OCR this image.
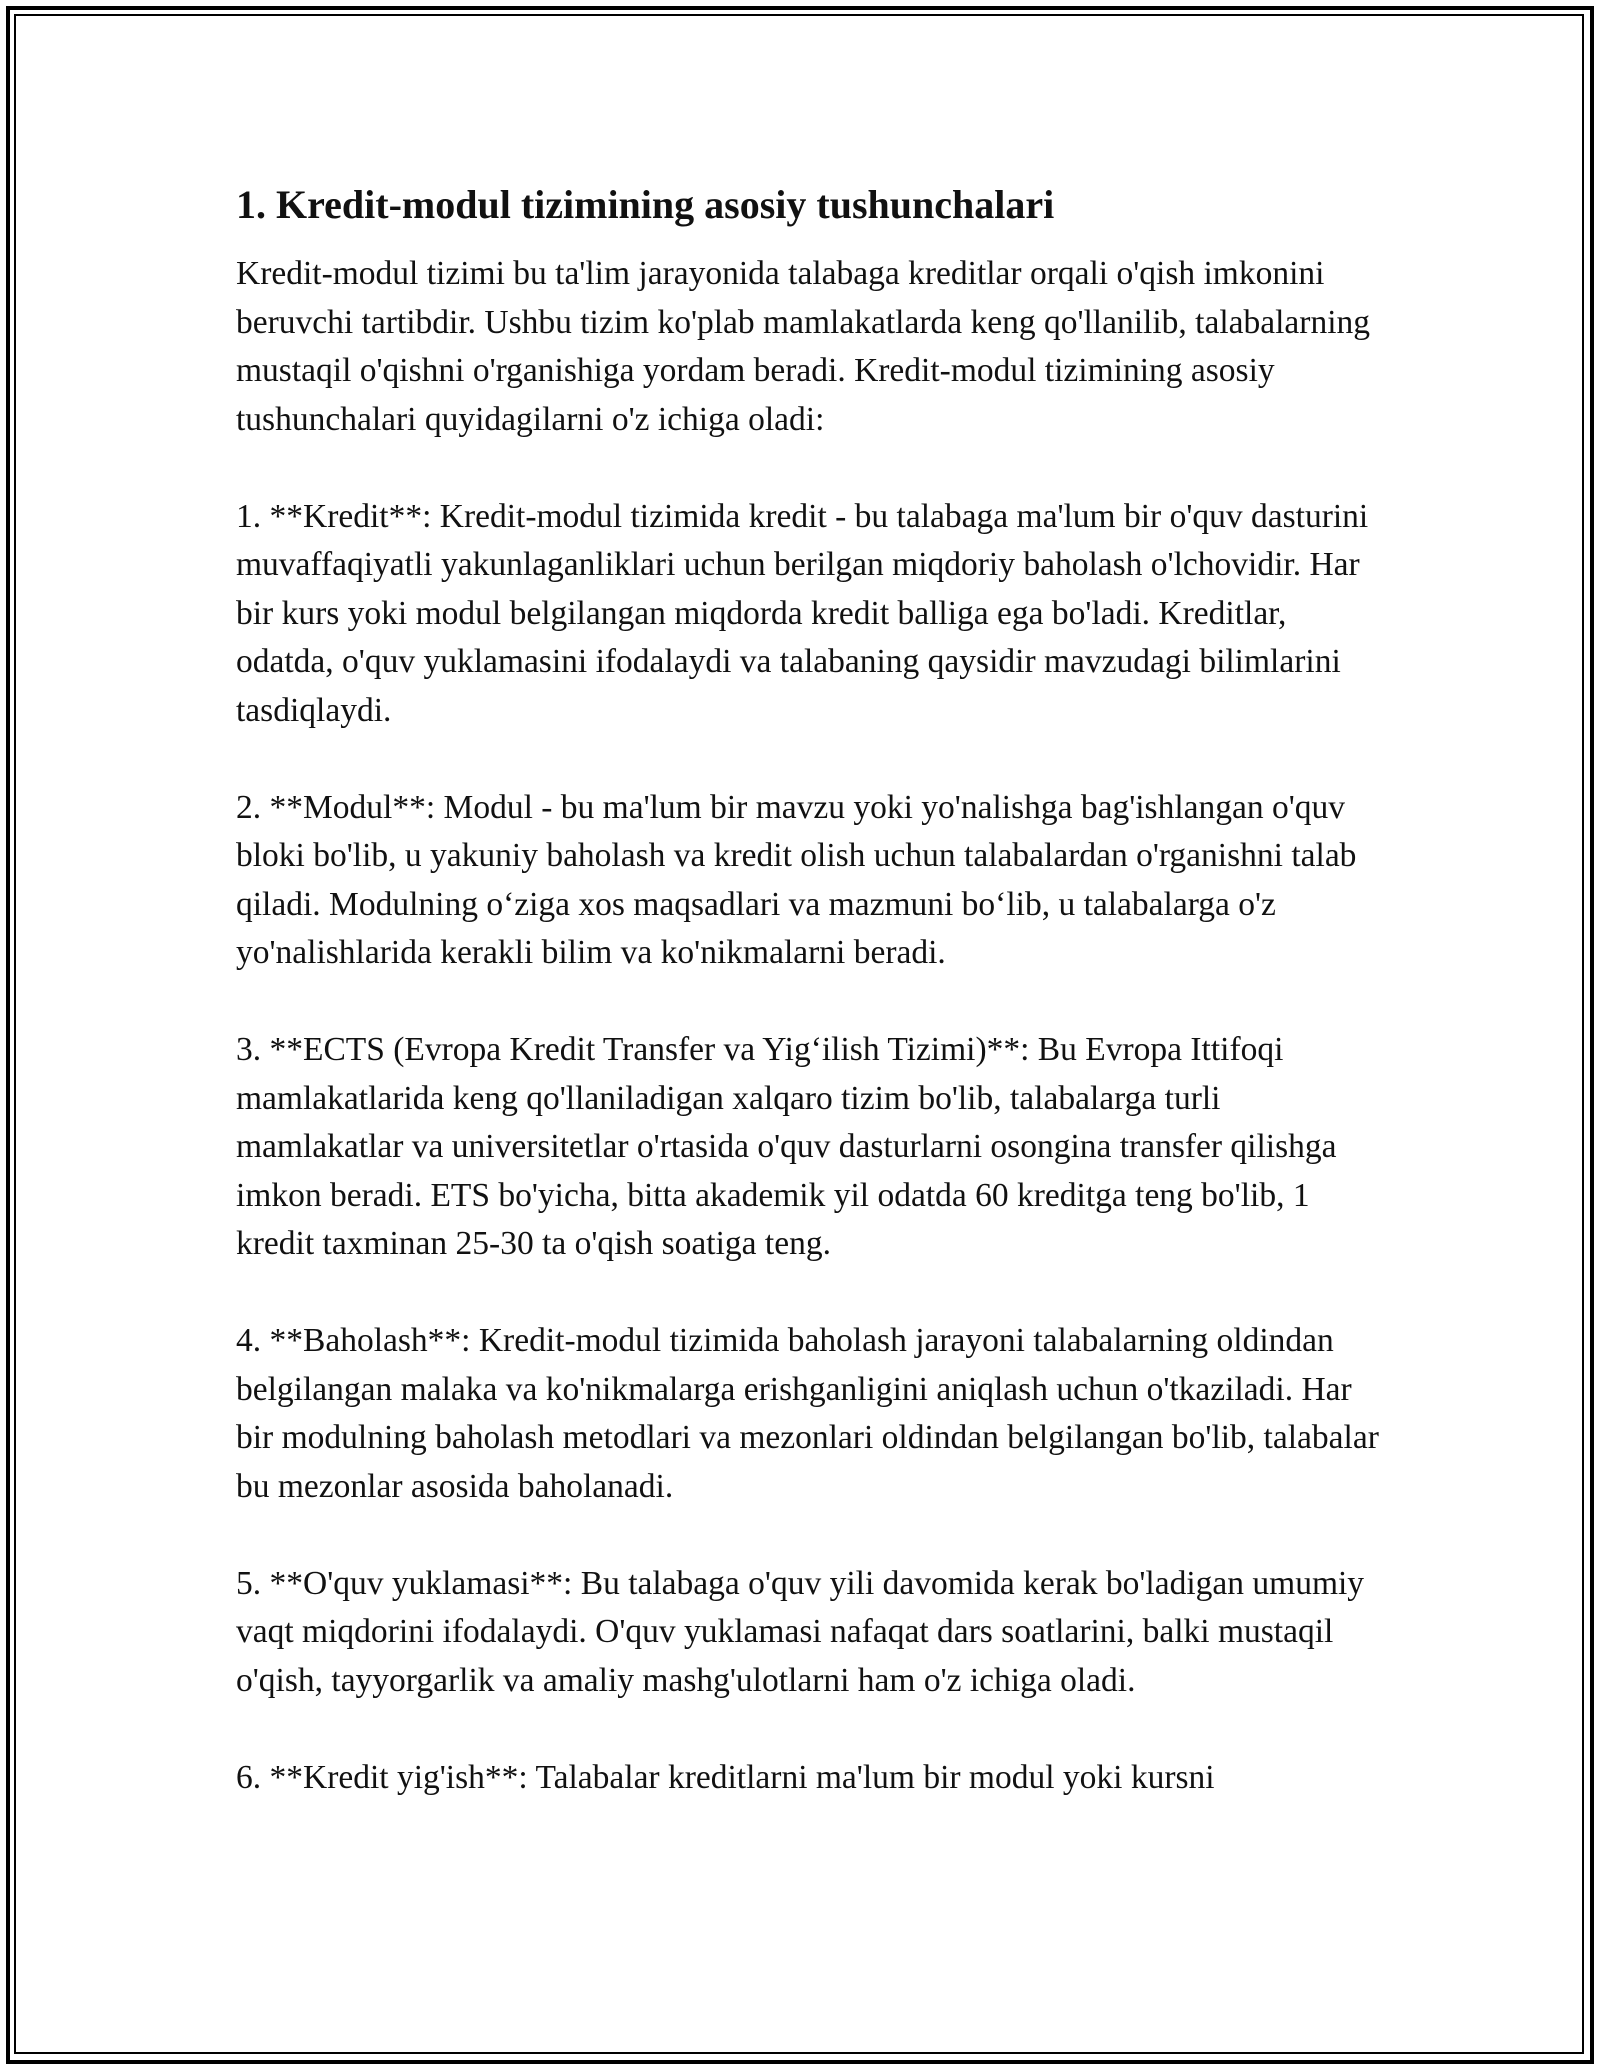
1. Kredit-modul tizimining asosiy tushunchalari

Kredit-modul tizimi bu ta'lim jarayonida talabaga kreditlar orqali o'qish imkonini beruvchi tartibdir. Ushbu tizim ko'plab mamlakatlarda keng qo'llanilib, talabalarning mustaqil o'qishni o'rganishiga yordam beradi. Kredit-modul tizimining asosiy tushunchalari quyidagilarni o'z ichiga oladi:

1. **Kredit**: Kredit-modul tizimida kredit - bu talabaga ma'lum bir o'quv dasturini muvaffaqiyatli yakunlaganliklari uchun berilgan miqdoriy baholash o'lchovidir. Har bir kurs yoki modul belgilangan miqdorda kredit balliga ega bo'ladi. Kreditlar, odatda, o'quv yuklamasini ifodalaydi va talabaning qaysidir mavzudagi bilimlarini tasdiqlaydi.

2. **Modul**: Modul - bu ma'lum bir mavzu yoki yo'nalishga bag'ishlangan o'quv bloki bo'lib, u yakuniy baholash va kredit olish uchun talabalardan o'rganishni talab qiladi. Modulning o‘ziga xos maqsadlari va mazmuni bo‘lib, u talabalarga o'z yo'nalishlarida kerakli bilim va ko'nikmalarni beradi.

3. **ECTS (Evropa Kredit Transfer va Yig‘ilish Tizimi)**: Bu Evropa Ittifoqi mamlakatlarida keng qo'llaniladigan xalqaro tizim bo'lib, talabalarga turli mamlakatlar va universitetlar o'rtasida o'quv dasturlarni osongina transfer qilishga imkon beradi. ETS bo'yicha, bitta akademik yil odatda 60 kreditga teng bo'lib, 1 kredit taxminan 25-30 ta o'qish soatiga teng.

4. **Baholash**: Kredit-modul tizimida baholash jarayoni talabalarning oldindan belgilangan malaka va ko'nikmalarga erishganligini aniqlash uchun o'tkaziladi. Har bir modulning baholash metodlari va mezonlari oldindan belgilangan bo'lib, talabalar bu mezonlar asosida baholanadi.

5. **O'quv yuklamasi**: Bu talabaga o'quv yili davomida kerak bo'ladigan umumiy vaqt miqdorini ifodalaydi. O'quv yuklamasi nafaqat dars soatlarini, balki mustaqil o'qish, tayyorgarlik va amaliy mashg'ulotlarni ham o'z ichiga oladi.

6. **Kredit yig'ish**: Talabalar kreditlarni ma'lum bir modul yoki kursni
